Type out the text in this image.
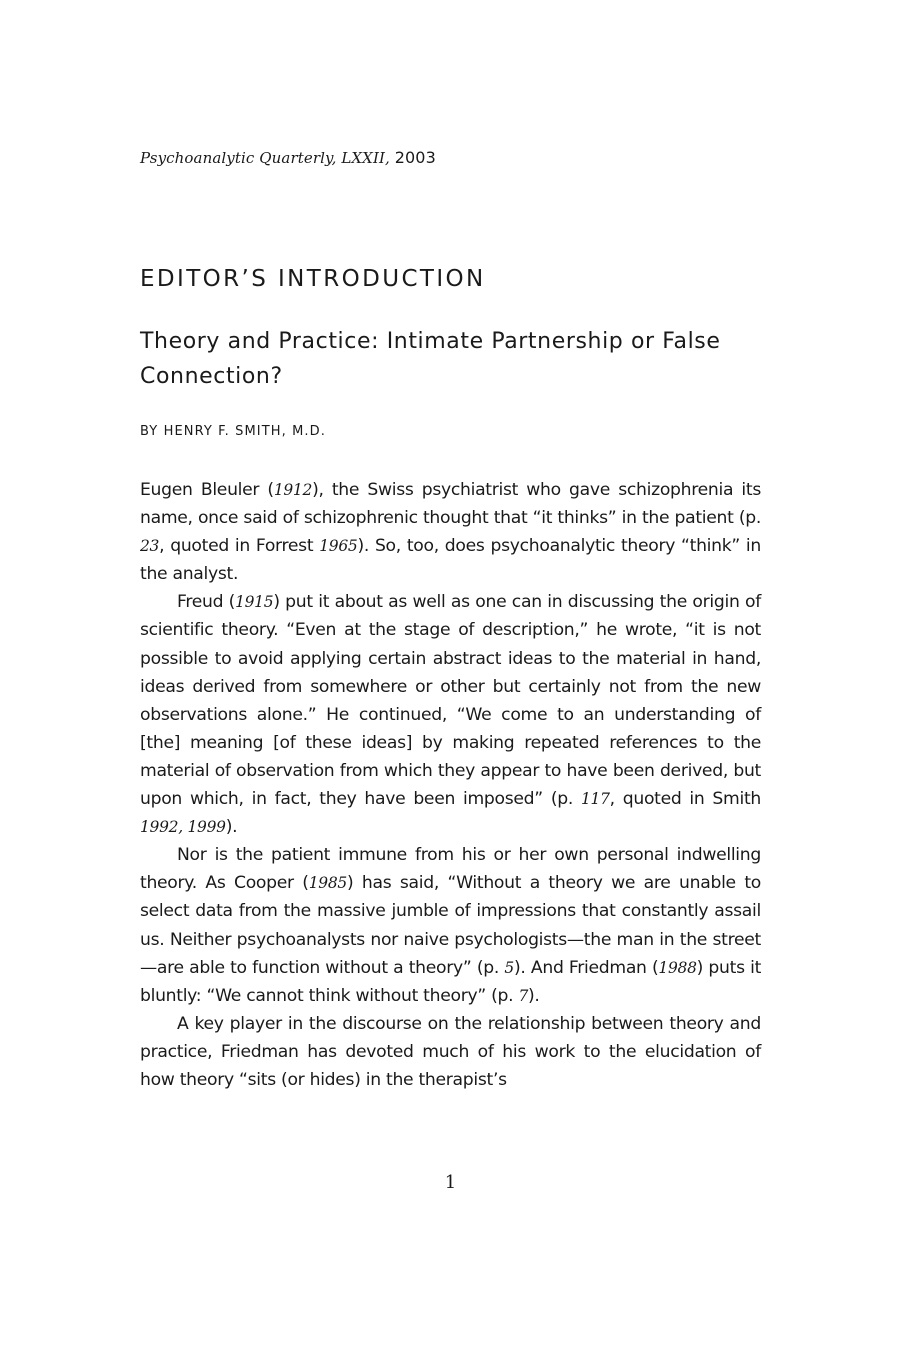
Psychoanalytic Quarterly, LXXII, 2003
EDITOR’S INTRODUCTION
Theory and Practice: Intimate Partnership or False Connection?
BY HENRY F. SMITH, M.D.

Eugen Bleuler (1912), the Swiss psychiatrist who gave schizophrenia its name, once said of schizophrenic thought that “it thinks” in the patient (p. 23, quoted in Forrest 1965). So, too, does psychoanalytic theory “think” in the analyst.

Freud (1915) put it about as well as one can in discussing the origin of scientific theory. “Even at the stage of description,” he wrote, “it is not possible to avoid applying certain abstract ideas to the material in hand, ideas derived from somewhere or other but certainly not from the new observations alone.” He continued, “We come to an understanding of [the] meaning [of these ideas] by making repeated references to the material of observation from which they appear to have been derived, but upon which, in fact, they have been imposed” (p. 117, quoted in Smith 1992, 1999).

Nor is the patient immune from his or her own personal indwelling theory. As Cooper (1985) has said, “Without a theory we are unable to select data from the massive jumble of impressions that constantly assail us. Neither psychoanalysts nor naive psychologists—the man in the street—are able to function without a theory” (p. 5). And Friedman (1988) puts it bluntly: “We cannot think without theory” (p. 7).

A key player in the discourse on the relationship between theory and practice, Friedman has devoted much of his work to the elucidation of how theory “sits (or hides) in the therapist’s

1
